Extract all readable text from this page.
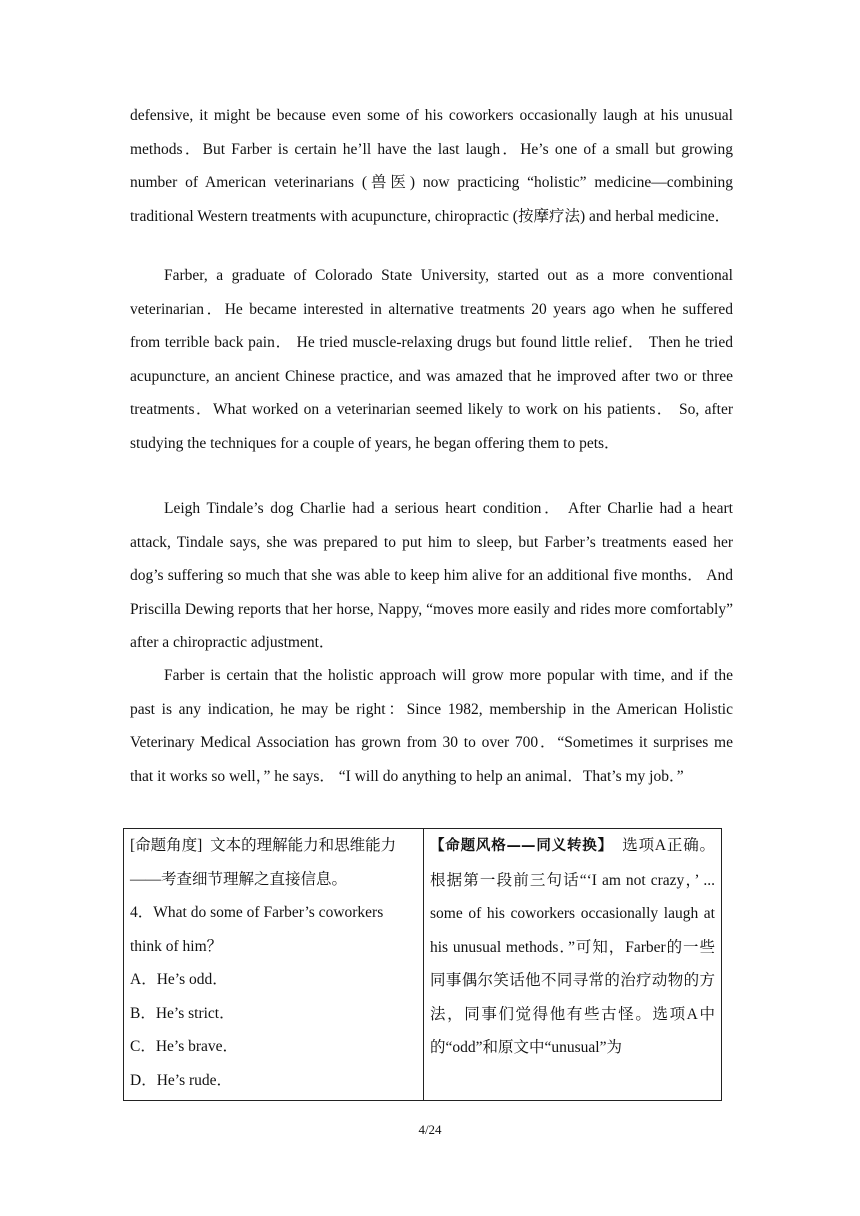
defensive, it might be because even some of his coworkers occasionally laugh at his unusual methods．But Farber is certain he’ll have the last laugh．He’s one of a small but growing number of American veterinarians (兽医) now practicing “holistic” medicine—combining traditional Western treatments with acupuncture, chiropractic (按摩疗法) and herbal medicine．

Farber, a graduate of Colorado State University, started out as a more conventional veterinarian．He became interested in alternative treatments 20 years ago when he suffered from terrible back pain． He tried muscle-relaxing drugs but found little relief． Then he tried acupuncture, an ancient Chinese practice, and was amazed that he improved after two or three treatments．What worked on a veterinarian seemed likely to work on his patients． So, after studying the techniques for a couple of years, he began offering them to pets．

Leigh Tindale’s dog Charlie had a serious heart condition． After Charlie had a heart attack, Tindale says, she was prepared to put him to sleep, but Farber’s treatments eased her dog’s suffering so much that she was able to keep him alive for an additional five months． And Priscilla Dewing reports that her horse, Nappy, “moves more easily and rides more comfortably” after a chiropractic adjustment．

Farber is certain that the holistic approach will grow more popular with time, and if the past is any indication, he may be right：Since 1982, membership in the American Holistic Veterinary Medical Association has grown from 30 to over 700．“Sometimes it surprises me that it works so well，” he says． “I will do anything to help an animal．That’s my job．”

[命题角度] 文本的理解能力和思维能力——考查细节理解之直接信息。
4．What do some of Farber’s coworkers think of him？
A．He’s odd．
B．He’s strict．
C．He’s brave．
D．He’s rude．
	【命题风格——同义转换】 选项A正确。根据第一段前三句话“‘I am not crazy，’ ... some of his coworkers occasionally laugh at his unusual methods．”可知，Farber的一些同事偶尔笑话他不同寻常的治疗动物的方法，同事们觉得他有些古怪。选项A中的“odd”和原文中“unusual”为
4/24
